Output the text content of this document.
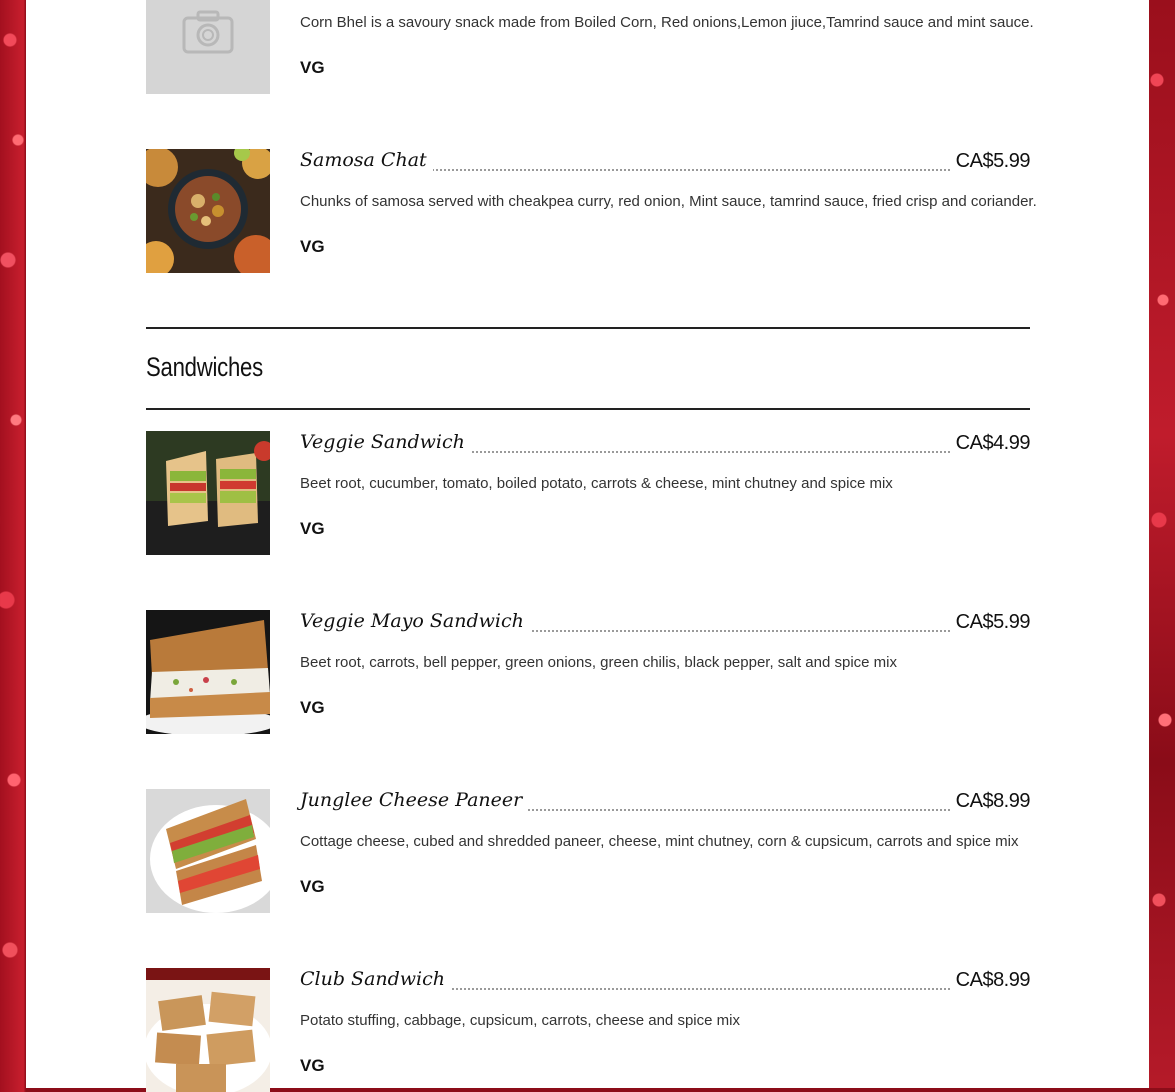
Corn Bhel is a savoury snack made from Boiled Corn, Red onions,Lemon jiuce,Tamrind sauce and mint sauce.
VG
Samosa Chat	CA$5.99
Chunks of samosa served with cheakpea curry, red onion, Mint sauce, tamrind sauce, fried crisp and coriander.
VG
Sandwiches
Veggie Sandwich	CA$4.99
Beet root, cucumber, tomato, boiled potato, carrots & cheese, mint chutney and spice mix
VG
Veggie Mayo Sandwich	CA$5.99
Beet root, carrots, bell pepper, green onions, green chilis, black pepper, salt and spice mix
VG
Junglee Cheese Paneer	CA$8.99
Cottage cheese, cubed and shredded paneer, cheese, mint chutney, corn & cupsicum, carrots and spice mix
VG
Club Sandwich	CA$8.99
Potato stuffing, cabbage, cupsicum, carrots, cheese and spice mix
VG
